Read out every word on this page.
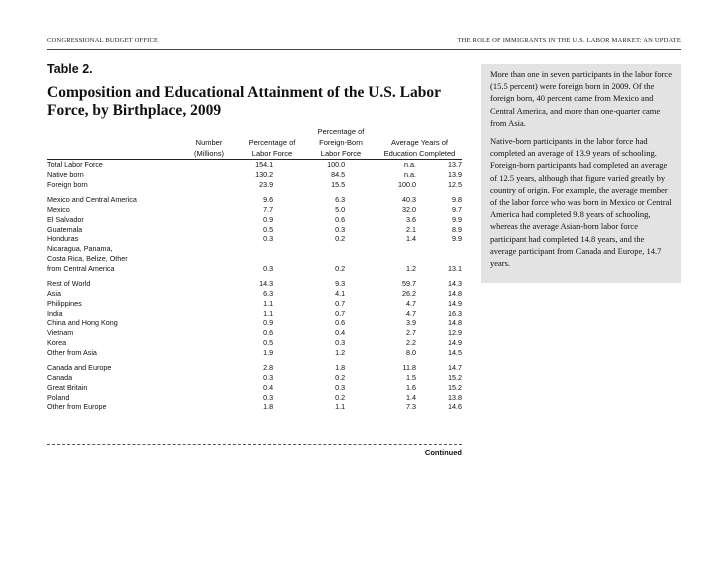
CONGRESSIONAL BUDGET OFFICE	THE ROLE OF IMMIGRANTS IN THE U.S. LABOR MARKET: AN UPDATE
Table 2.
Composition and Educational Attainment of the U.S. Labor Force, by Birthplace, 2009
Number
(Millions)
Percentage of
Labor Force
Percentage of
Foreign-Born
Labor Force
Average Years of
Education Completed
Total Labor Force	154.1	100.0	n.a.	13.7
Native born	130.2	84.5	n.a.	13.9
Foreign born	23.9	15.5	100.0	12.5

Mexico and Central America	9.6	6.3	40.3	9.8
Mexico	7.7	5.0	32.0	9.7
El Salvador	0.9	0.6	3.6	9.9
Guatemala	0.5	0.3	2.1	8.9
Honduras	0.3	0.2	1.4	9.9
Nicaragua, Panama,				
Costa Rica, Belize, Other				
from Central America	0.3	0.2	1.2	13.1

Rest of World	14.3	9.3	59.7	14.3
Asia	6.3	4.1	26.2	14.8
Philippines	1.1	0.7	4.7	14.9
India	1.1	0.7	4.7	16.3
China and Hong Kong	0.9	0.6	3.9	14.8
Vietnam	0.6	0.4	2.7	12.9
Korea	0.5	0.3	2.2	14.9
Other from Asia	1.9	1.2	8.0	14.5

Canada and Europe	2.8	1.8	11.8	14.7
Canada	0.3	0.2	1.5	15.2
Great Britain	0.4	0.3	1.6	15.2
Poland	0.3	0.2	1.4	13.8
Other from Europe	1.8	1.1	7.3	14.6
Continued

More than one in seven participants in the labor force (15.5 percent) were foreign born in 2009. Of the foreign born, 40 percent came from Mexico and Central America, and more than one-quarter came from Asia.

Native-born participants in the labor force had completed an average of 13.9 years of schooling. Foreign-born participants had completed an average of 12.5 years, although that figure varied greatly by country of origin. For example, the average member of the labor force who was born in Mexico or Central America had completed 9.8 years of schooling, whereas the average Asian-born labor force participant had completed 14.8 years, and the average participant from Canada and Europe, 14.7 years.
